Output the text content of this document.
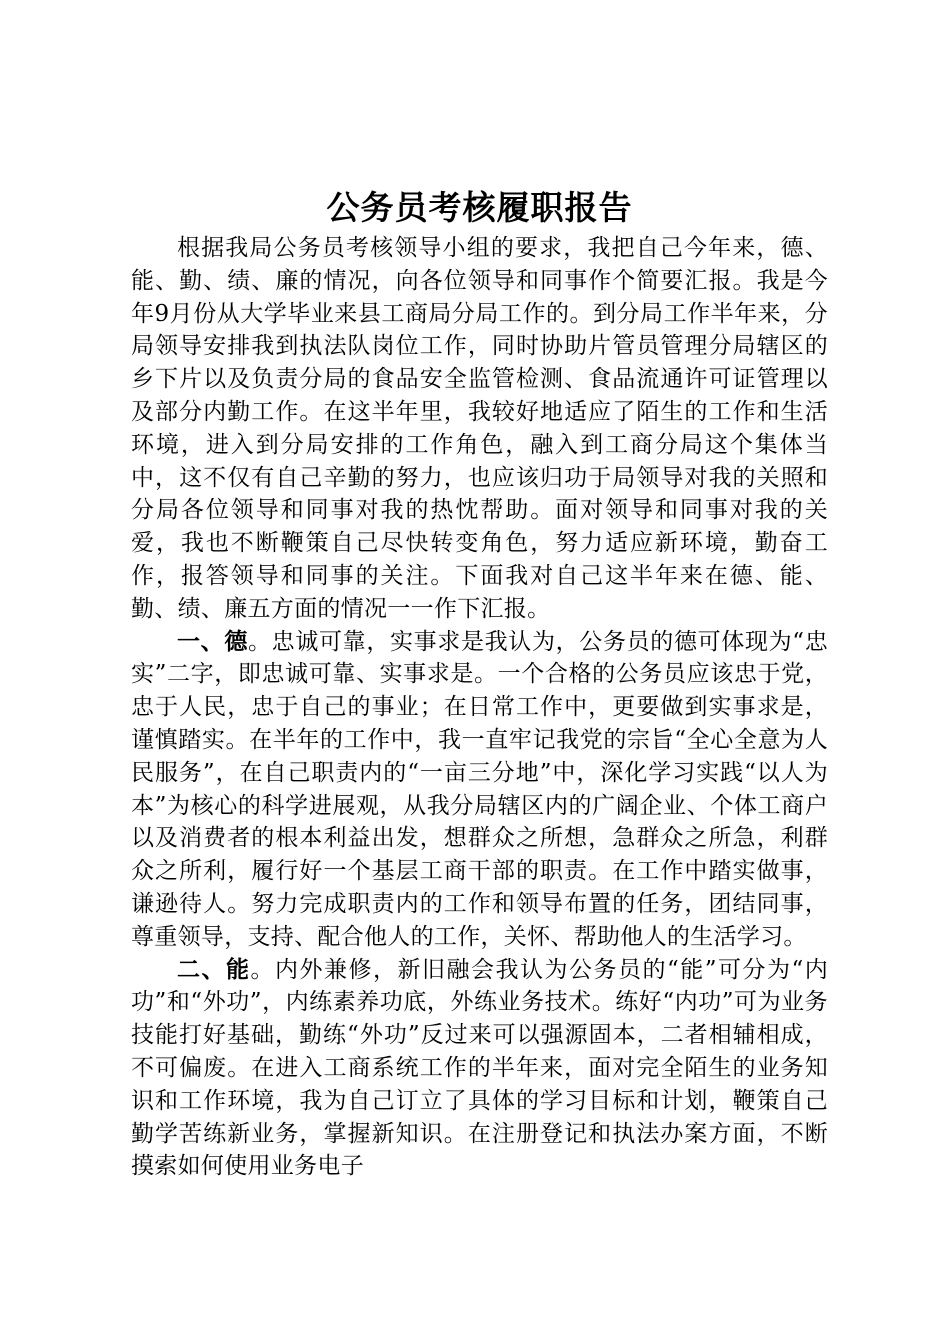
公务员考核履职报告

根据我局公务员考核领导小组的要求，我把自己今年来，德、能、勤、绩、廉的情况，向各位领导和同事作个简要汇报。我是今年9月份从大学毕业来县工商局分局工作的。到分局工作半年来，分局领导安排我到执法队岗位工作，同时协助片管员管理分局辖区的乡下片以及负责分局的食品安全监管检测、食品流通许可证管理以及部分内勤工作。在这半年里，我较好地适应了陌生的工作和生活环境，进入到分局安排的工作角色，融入到工商分局这个集体当中，这不仅有自己辛勤的努力，也应该归功于局领导对我的关照和分局各位领导和同事对我的热忱帮助。面对领导和同事对我的关爱，我也不断鞭策自己尽快转变角色，努力适应新环境，勤奋工作，报答领导和同事的关注。下面我对自己这半年来在德、能、勤、绩、廉五方面的情况一一作下汇报。

一、德。忠诚可靠，实事求是我认为，公务员的德可体现为“忠实”二字，即忠诚可靠、实事求是。一个合格的公务员应该忠于党，忠于人民，忠于自己的事业；在日常工作中，更要做到实事求是，谨慎踏实。在半年的工作中，我一直牢记我党的宗旨“全心全意为人民服务”，在自己职责内的“一亩三分地”中，深化学习实践“以人为本”为核心的科学进展观，从我分局辖区内的广阔企业、个体工商户以及消费者的根本利益出发，想群众之所想，急群众之所急，利群众之所利，履行好一个基层工商干部的职责。在工作中踏实做事，谦逊待人。努力完成职责内的工作和领导布置的任务，团结同事，尊重领导，支持、配合他人的工作，关怀、帮助他人的生活学习。

二、能。内外兼修，新旧融会我认为公务员的“能”可分为“内功”和“外功”，内练素养功底，外练业务技术。练好“内功”可为业务技能打好基础，勤练“外功”反过来可以强源固本，二者相辅相成，不可偏废。在进入工商系统工作的半年来，面对完全陌生的业务知识和工作环境，我为自己订立了具体的学习目标和计划，鞭策自己勤学苦练新业务，掌握新知识。在注册登记和执法办案方面，不断摸索如何使用业务电子
